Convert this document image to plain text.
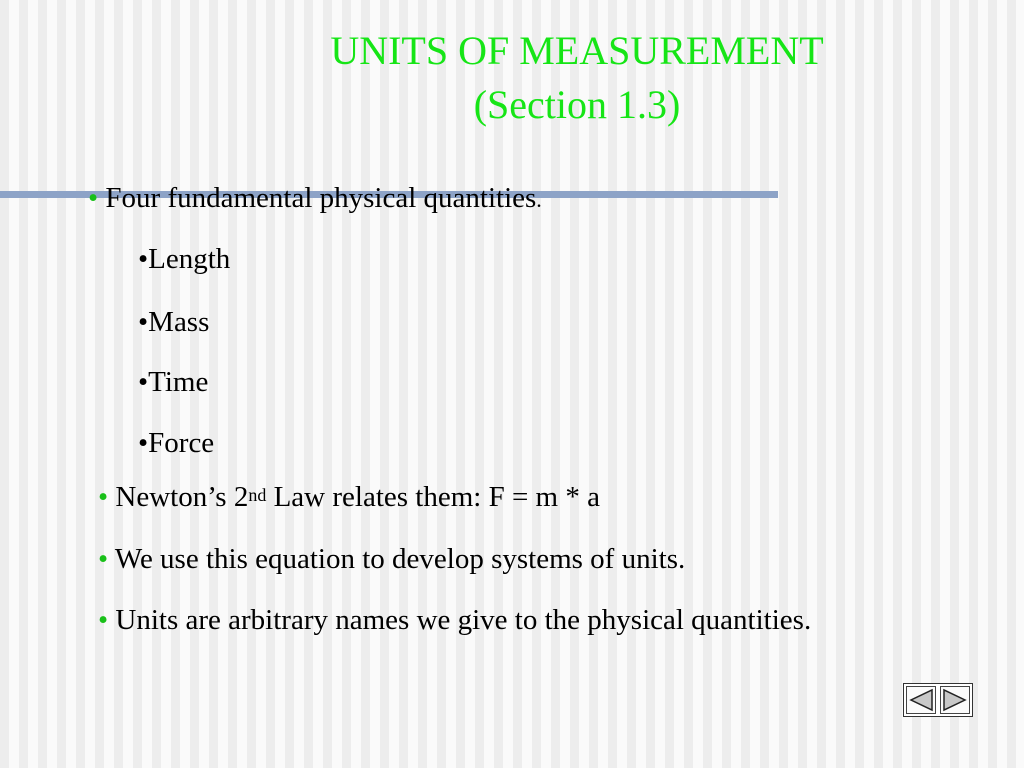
UNITS OF MEASUREMENT
(Section 1.3)
• Four fundamental physical quantities.
•Length
•Mass
•Time
•Force
• Newton’s 2nd Law relates them: F = m * a
• We use this equation to develop systems of units.
• Units are arbitrary names we give to the physical quantities.
